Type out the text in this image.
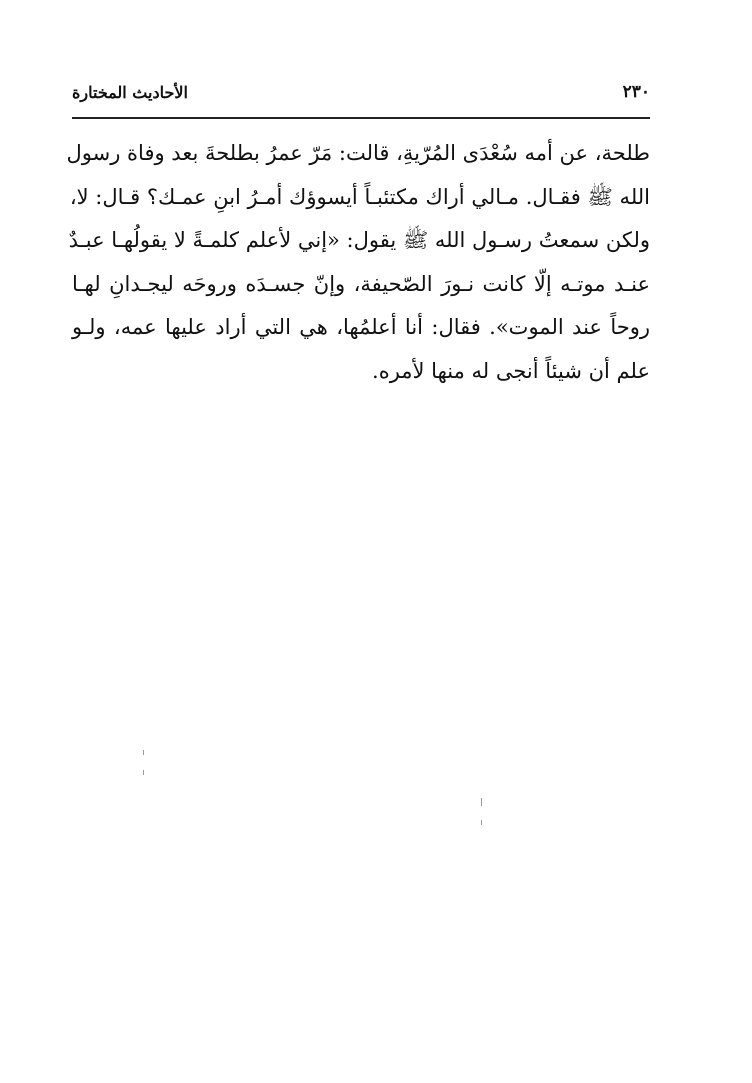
٢٣٠
الأحاديث المختارة
طلحة، عن أمه سُعْدَى المُرّيةِ، قالت: مَرّ عمرُ بطلحةَ بعد وفاة رسول
الله ﷺ فقـال. مـالي أراك مكتئبـاً أيسوؤك أمـرُ ابنِ عمـك؟ قـال: لا،
ولكن سمعتُ رسـول الله ﷺ يقول: «إني لأعلم كلمـةً لا يقولُهـا عبـدٌ
عنـد موتـه إلّا كانت نـورَ الصّحيفة، وإنّ جسـدَه وروحَه ليجـدانِ لهـا
روحاً عند الموت». فقال: أنا أعلمُها، هي التي أراد عليها عمه، ولـو
علم أن شيئاً أنجى له منها لأمره.
